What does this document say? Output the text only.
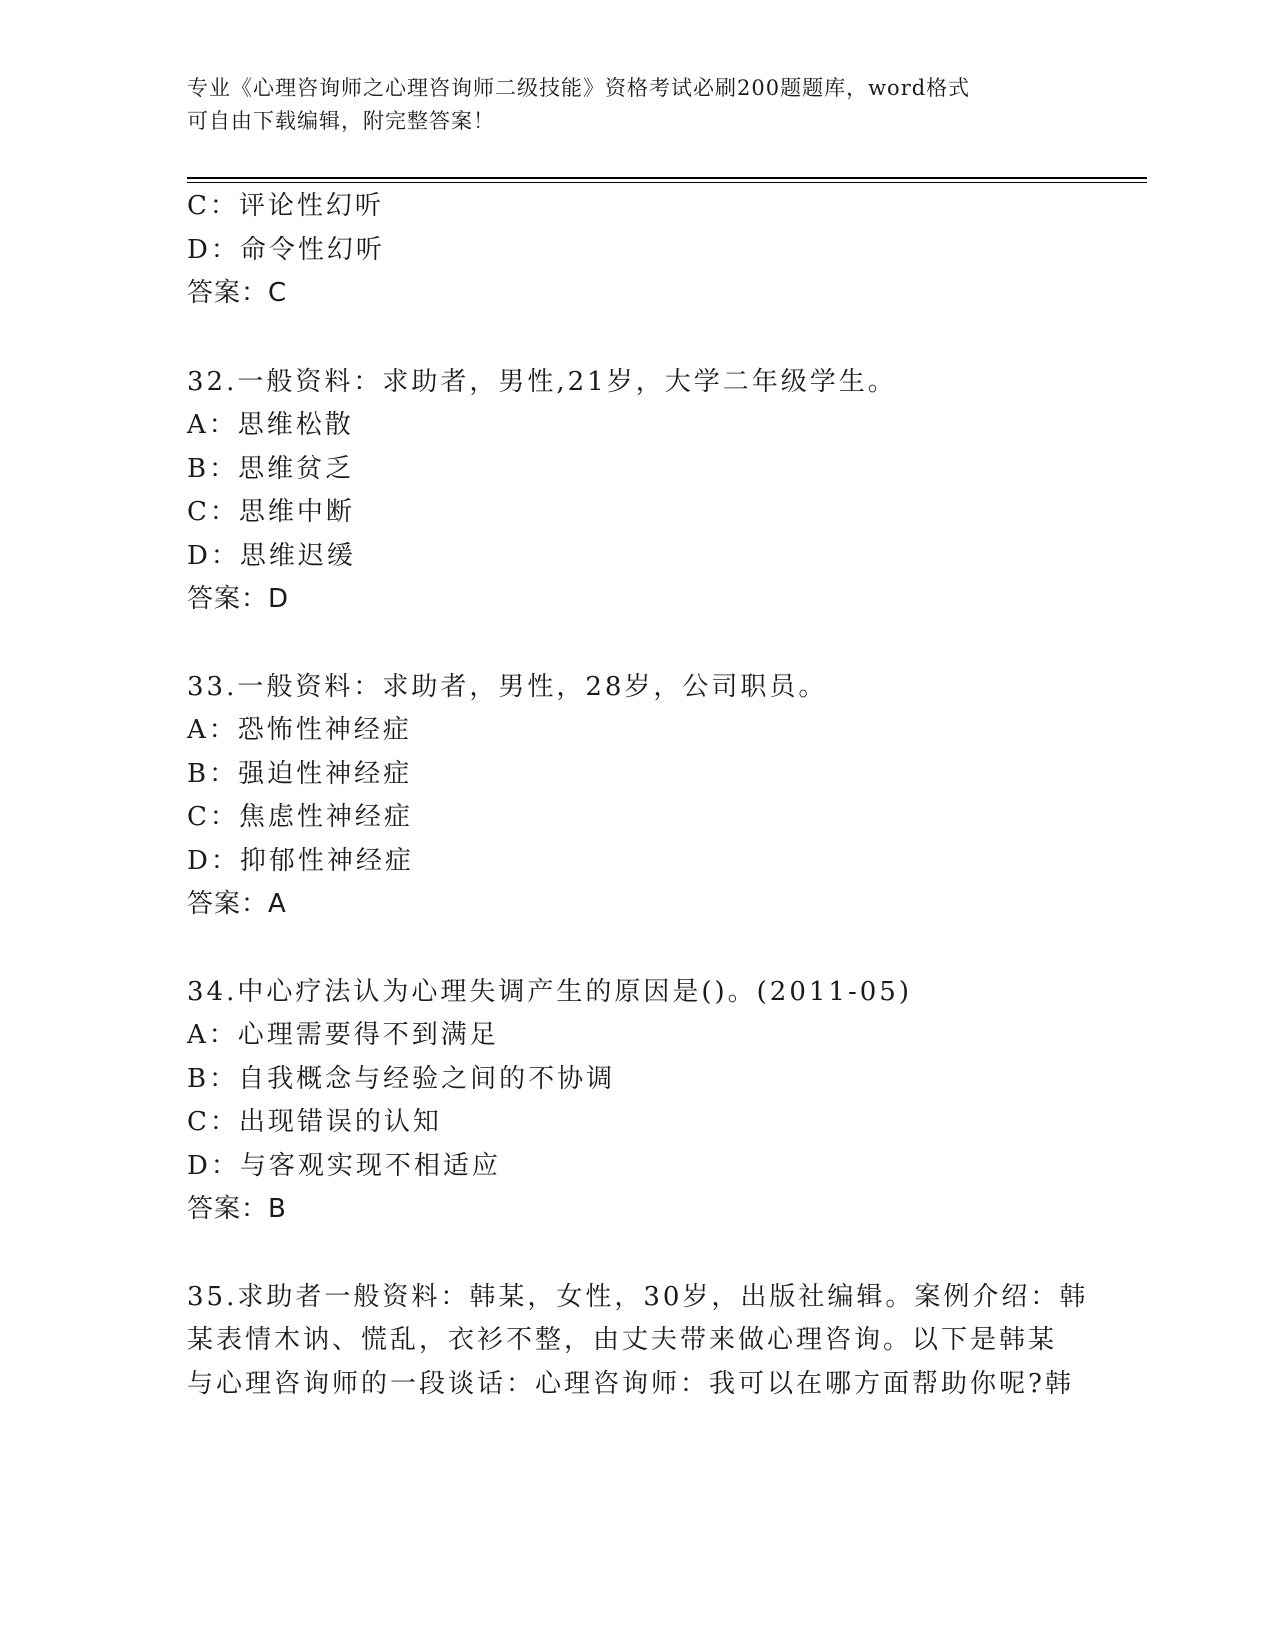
专业《心理咨询师之心理咨询师二级技能》资格考试必刷200题题库，word格式
可自由下载编辑，附完整答案！
C：评论性幻听
D：命令性幻听
答案：C
32.一般资料：求助者，男性,21岁，大学二年级学生。
A：思维松散
B：思维贫乏
C：思维中断
D：思维迟缓
答案：D
33.一般资料：求助者，男性，28岁，公司职员。
A：恐怖性神经症
B：强迫性神经症
C：焦虑性神经症
D：抑郁性神经症
答案：A
34.中心疗法认为心理失调产生的原因是()。(2011-05)
A：心理需要得不到满足
B：自我概念与经验之间的不协调
C：出现错误的认知
D：与客观实现不相适应
答案：B
35.求助者一般资料：韩某，女性，30岁，出版社编辑。案例介绍：韩
某表情木讷、慌乱，衣衫不整，由丈夫带来做心理咨询。以下是韩某
与心理咨询师的一段谈话：心理咨询师：我可以在哪方面帮助你呢?韩
